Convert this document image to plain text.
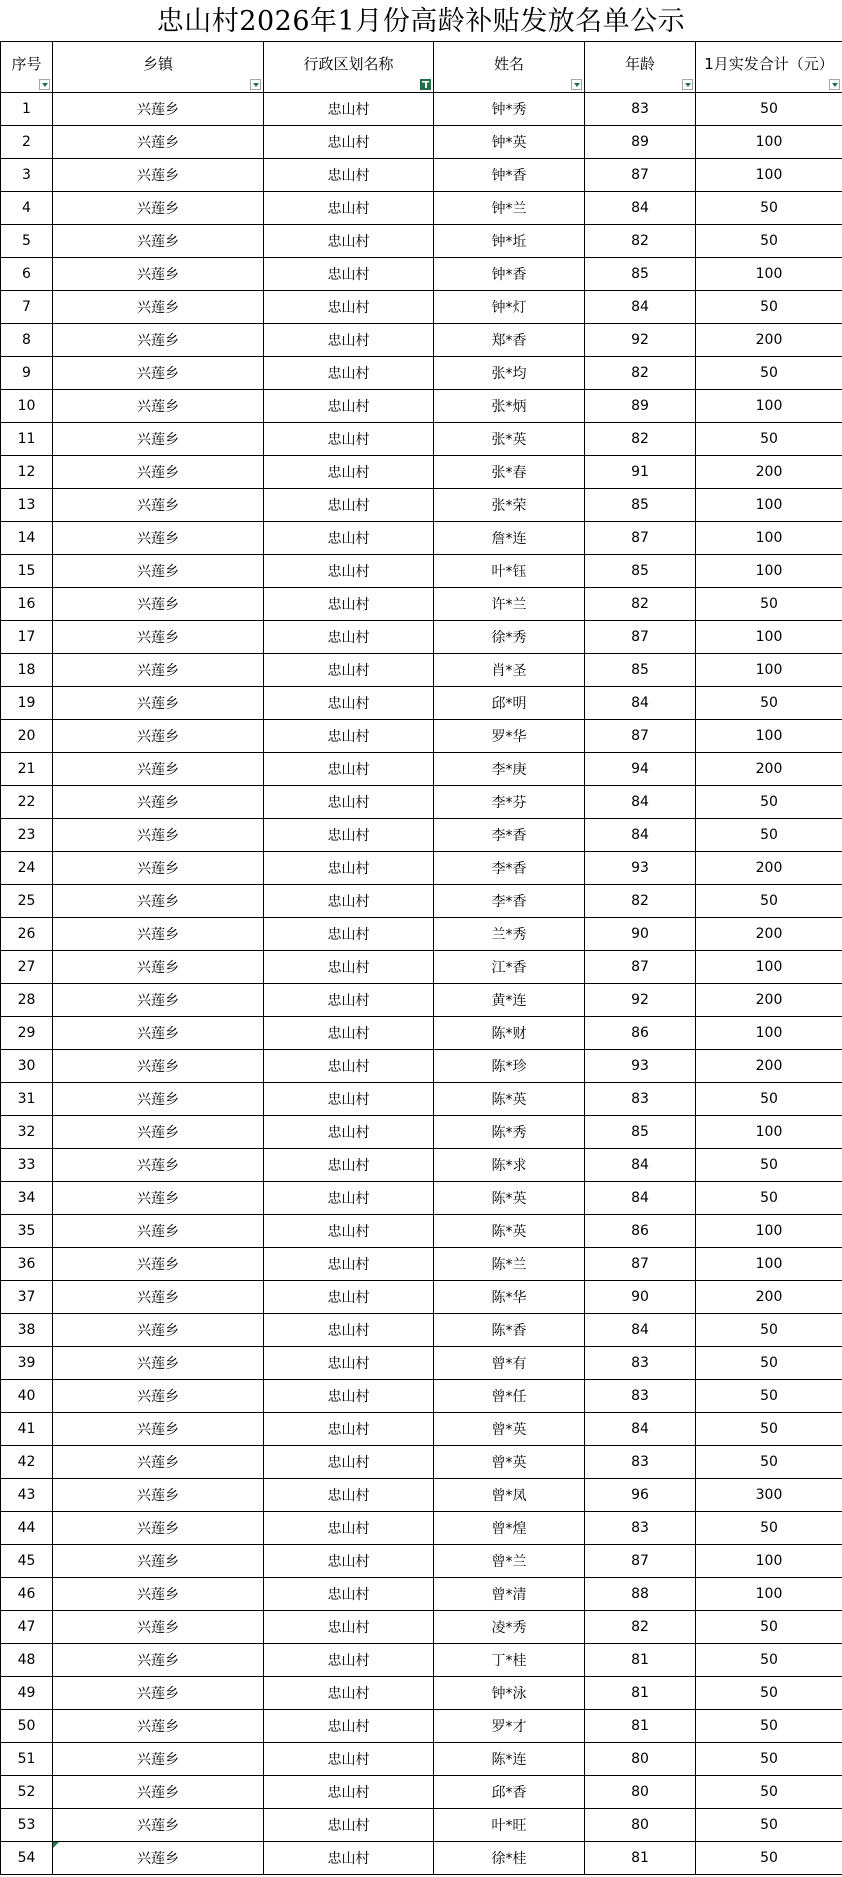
忠山村2026年1月份高龄补贴发放名单公示
序号	乡镇	行政区划名称	姓名	年龄	1月实发合计（元）

1	兴莲乡	忠山村	钟*秀	83	50
2	兴莲乡	忠山村	钟*英	89	100
3	兴莲乡	忠山村	钟*香	87	100
4	兴莲乡	忠山村	钟*兰	84	50
5	兴莲乡	忠山村	钟*坵	82	50
6	兴莲乡	忠山村	钟*香	85	100
7	兴莲乡	忠山村	钟*灯	84	50
8	兴莲乡	忠山村	郑*香	92	200
9	兴莲乡	忠山村	张*均	82	50
10	兴莲乡	忠山村	张*炳	89	100
11	兴莲乡	忠山村	张*英	82	50
12	兴莲乡	忠山村	张*春	91	200
13	兴莲乡	忠山村	张*荣	85	100
14	兴莲乡	忠山村	詹*连	87	100
15	兴莲乡	忠山村	叶*钰	85	100
16	兴莲乡	忠山村	许*兰	82	50
17	兴莲乡	忠山村	徐*秀	87	100
18	兴莲乡	忠山村	肖*圣	85	100
19	兴莲乡	忠山村	邱*明	84	50
20	兴莲乡	忠山村	罗*华	87	100
21	兴莲乡	忠山村	李*庚	94	200
22	兴莲乡	忠山村	李*芬	84	50
23	兴莲乡	忠山村	李*香	84	50
24	兴莲乡	忠山村	李*香	93	200
25	兴莲乡	忠山村	李*香	82	50
26	兴莲乡	忠山村	兰*秀	90	200
27	兴莲乡	忠山村	江*香	87	100
28	兴莲乡	忠山村	黄*连	92	200
29	兴莲乡	忠山村	陈*财	86	100
30	兴莲乡	忠山村	陈*珍	93	200
31	兴莲乡	忠山村	陈*英	83	50
32	兴莲乡	忠山村	陈*秀	85	100
33	兴莲乡	忠山村	陈*求	84	50
34	兴莲乡	忠山村	陈*英	84	50
35	兴莲乡	忠山村	陈*英	86	100
36	兴莲乡	忠山村	陈*兰	87	100
37	兴莲乡	忠山村	陈*华	90	200
38	兴莲乡	忠山村	陈*香	84	50
39	兴莲乡	忠山村	曾*有	83	50
40	兴莲乡	忠山村	曾*任	83	50
41	兴莲乡	忠山村	曾*英	84	50
42	兴莲乡	忠山村	曾*英	83	50
43	兴莲乡	忠山村	曾*凤	96	300
44	兴莲乡	忠山村	曾*煌	83	50
45	兴莲乡	忠山村	曾*兰	87	100
46	兴莲乡	忠山村	曾*清	88	100
47	兴莲乡	忠山村	凌*秀	82	50
48	兴莲乡	忠山村	丁*桂	81	50
49	兴莲乡	忠山村	钟*泳	81	50
50	兴莲乡	忠山村	罗*才	81	50
51	兴莲乡	忠山村	陈*连	80	50
52	兴莲乡	忠山村	邱*香	80	50
53	兴莲乡	忠山村	叶*旺	80	50
54	兴莲乡	忠山村	徐*桂	81	50
